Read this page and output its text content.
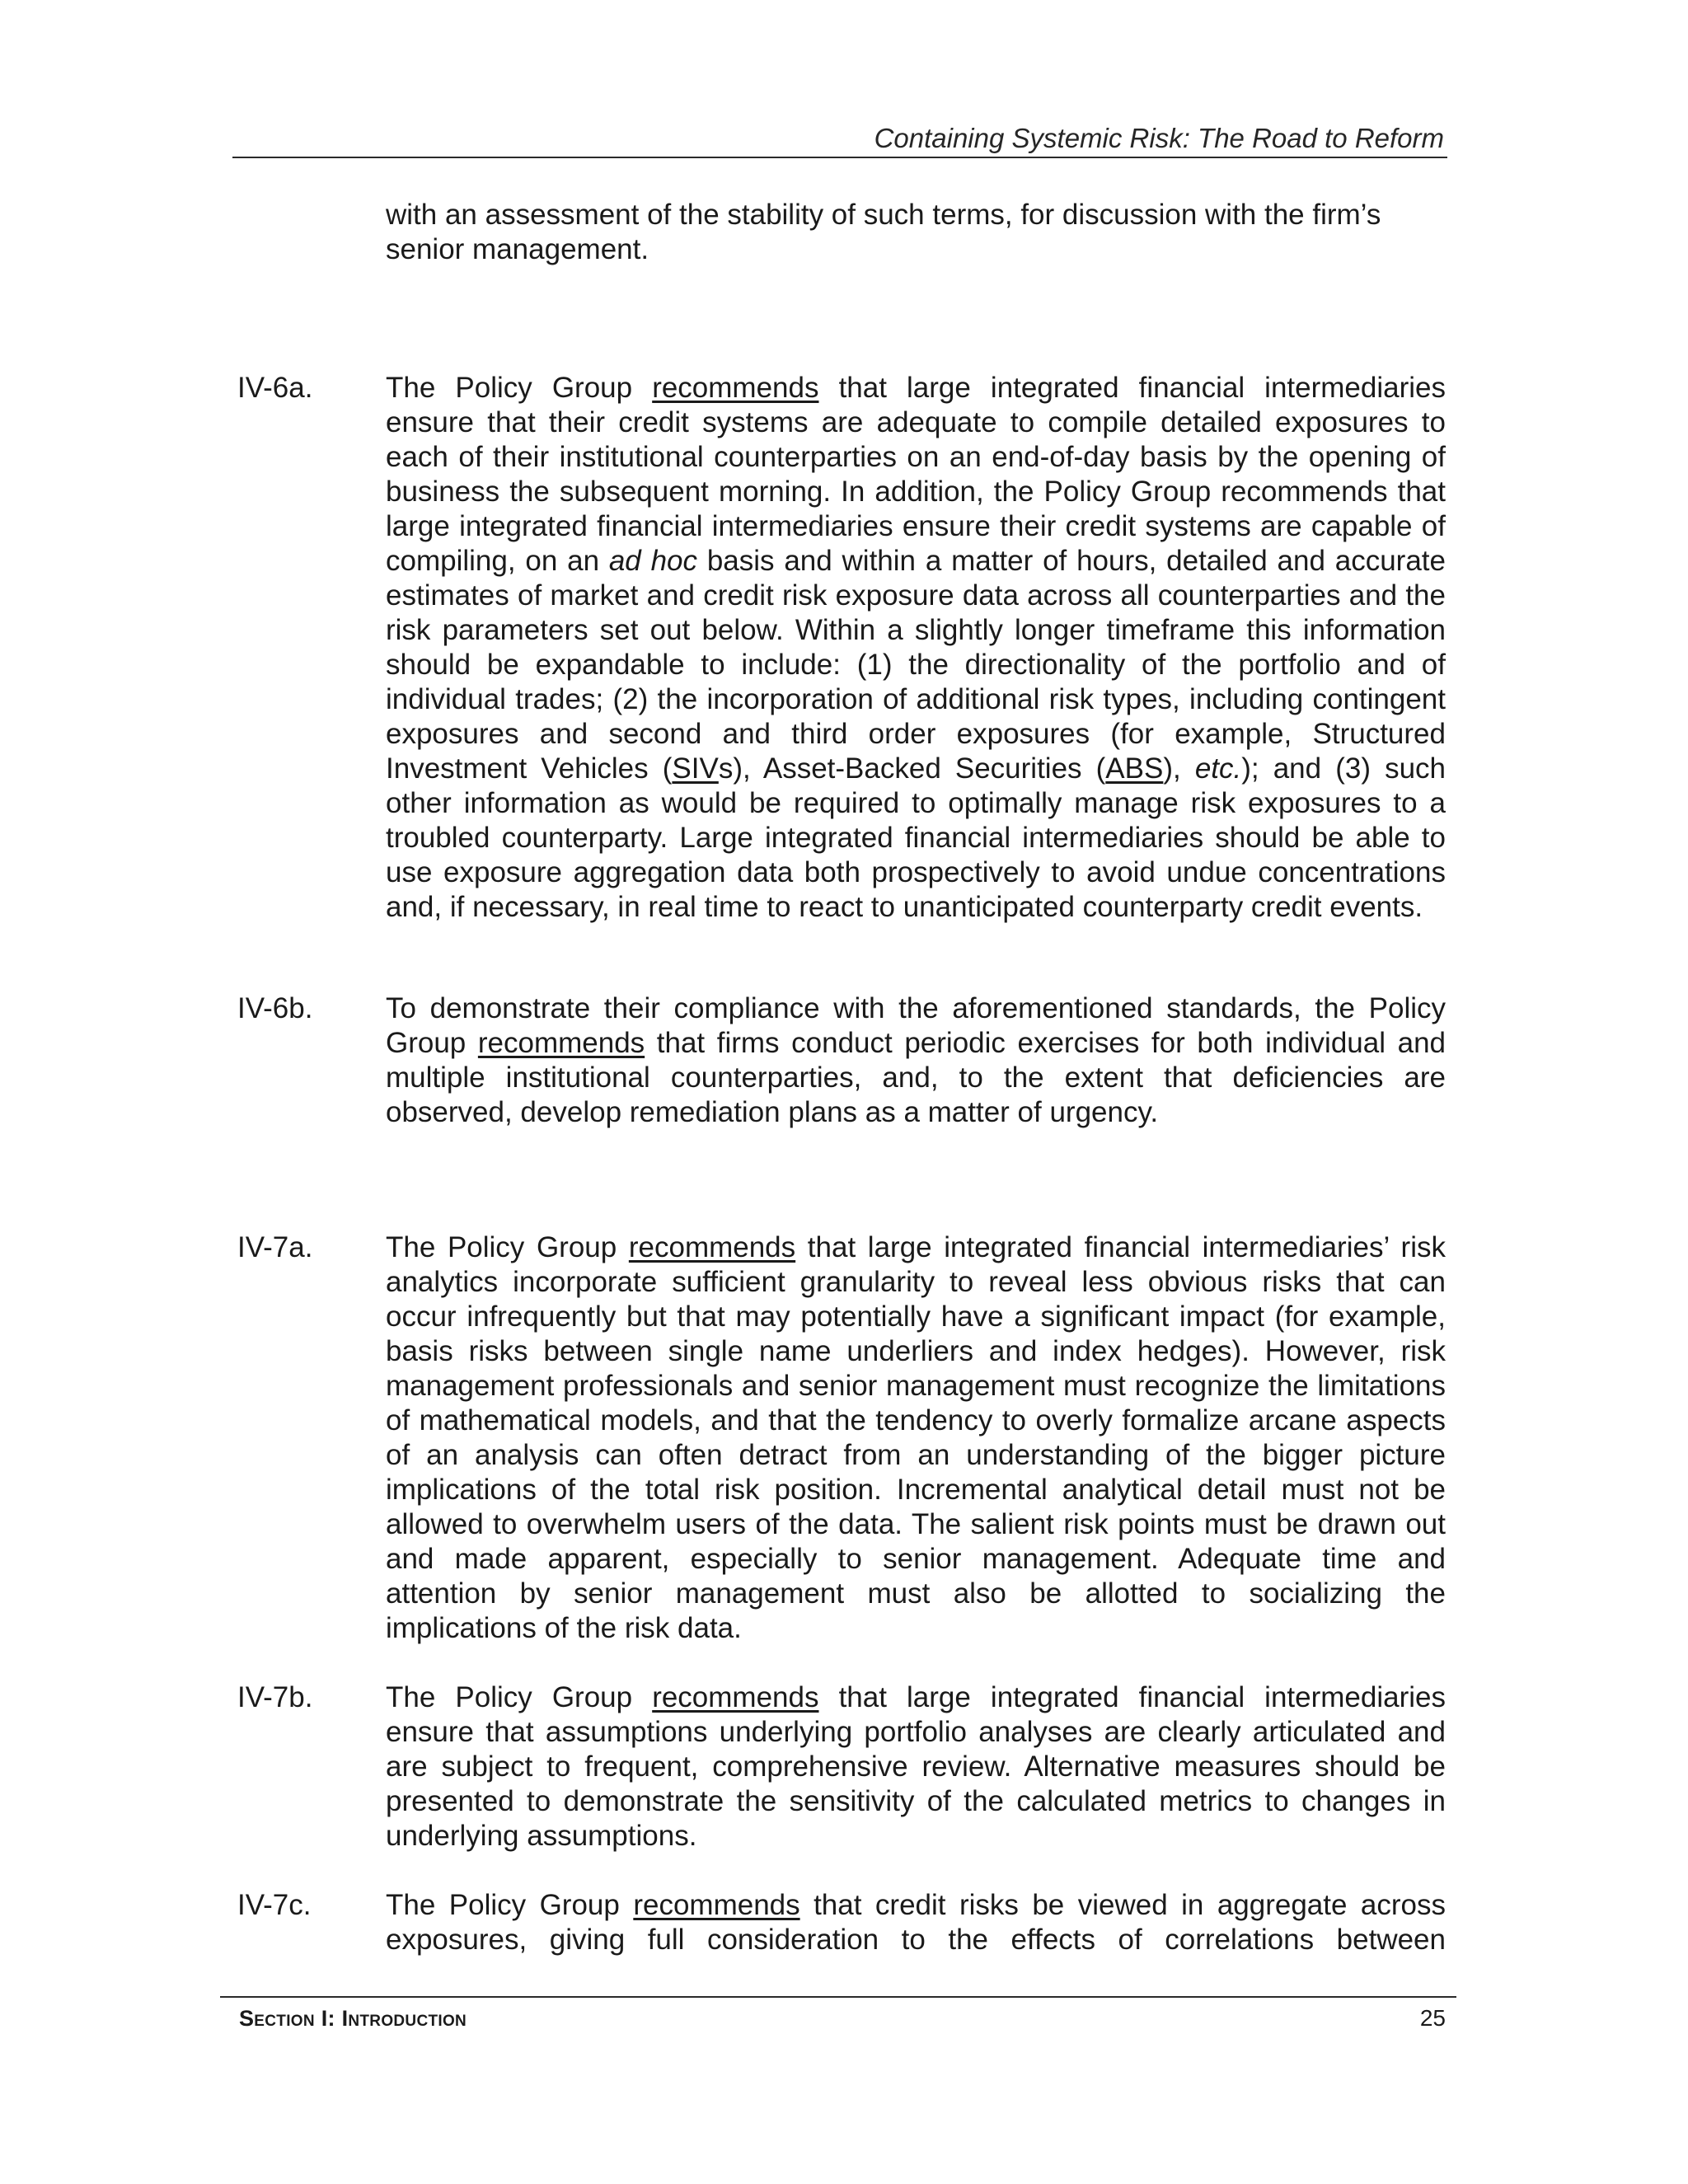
Containing Systemic Risk: The Road to Reform
with an assessment of the stability of such terms, for discussion with the firm’s senior management.
IV-6a.	The Policy Group recommends that large integrated financial intermediaries ensure that their credit systems are adequate to compile detailed exposures to each of their institutional counterparties on an end-of-day basis by the opening of business the subsequent morning. In addition, the Policy Group recommends that large integrated financial intermediaries ensure their credit systems are capable of compiling, on an ad hoc basis and within a matter of hours, detailed and accurate estimates of market and credit risk exposure data across all counterparties and the risk parameters set out below. Within a slightly longer timeframe this information should be expandable to include: (1) the directionality of the portfolio and of individual trades; (2) the incorporation of additional risk types, including contingent exposures and second and third order exposures (for example, Structured Investment Vehicles (SIVs), Asset-Backed Securities (ABS), etc.); and (3) such other information as would be required to optimally manage risk exposures to a troubled counterparty. Large integrated financial intermediaries should be able to use exposure aggregation data both prospectively to avoid undue concentrations and, if necessary, in real time to react to unanticipated counterparty credit events.
IV-6b.	To demonstrate their compliance with the aforementioned standards, the Policy Group recommends that firms conduct periodic exercises for both individual and multiple institutional counterparties, and, to the extent that deficiencies are observed, develop remediation plans as a matter of urgency.
IV-7a.	The Policy Group recommends that large integrated financial intermediaries’ risk analytics incorporate sufficient granularity to reveal less obvious risks that can occur infrequently but that may potentially have a significant impact (for example, basis risks between single name underliers and index hedges). However, risk management professionals and senior management must recognize the limitations of mathematical models, and that the tendency to overly formalize arcane aspects of an analysis can often detract from an understanding of the bigger picture implications of the total risk position. Incremental analytical detail must not be allowed to overwhelm users of the data. The salient risk points must be drawn out and made apparent, especially to senior management. Adequate time and attention by senior management must also be allotted to socializing the implications of the risk data.
IV-7b.	The Policy Group recommends that large integrated financial intermediaries ensure that assumptions underlying portfolio analyses are clearly articulated and are subject to frequent, comprehensive review. Alternative measures should be presented to demonstrate the sensitivity of the calculated metrics to changes in underlying assumptions.
IV-7c.	The Policy Group recommends that credit risks be viewed in aggregate across exposures, giving full consideration to the effects of correlations between
Section I: Introduction	25
